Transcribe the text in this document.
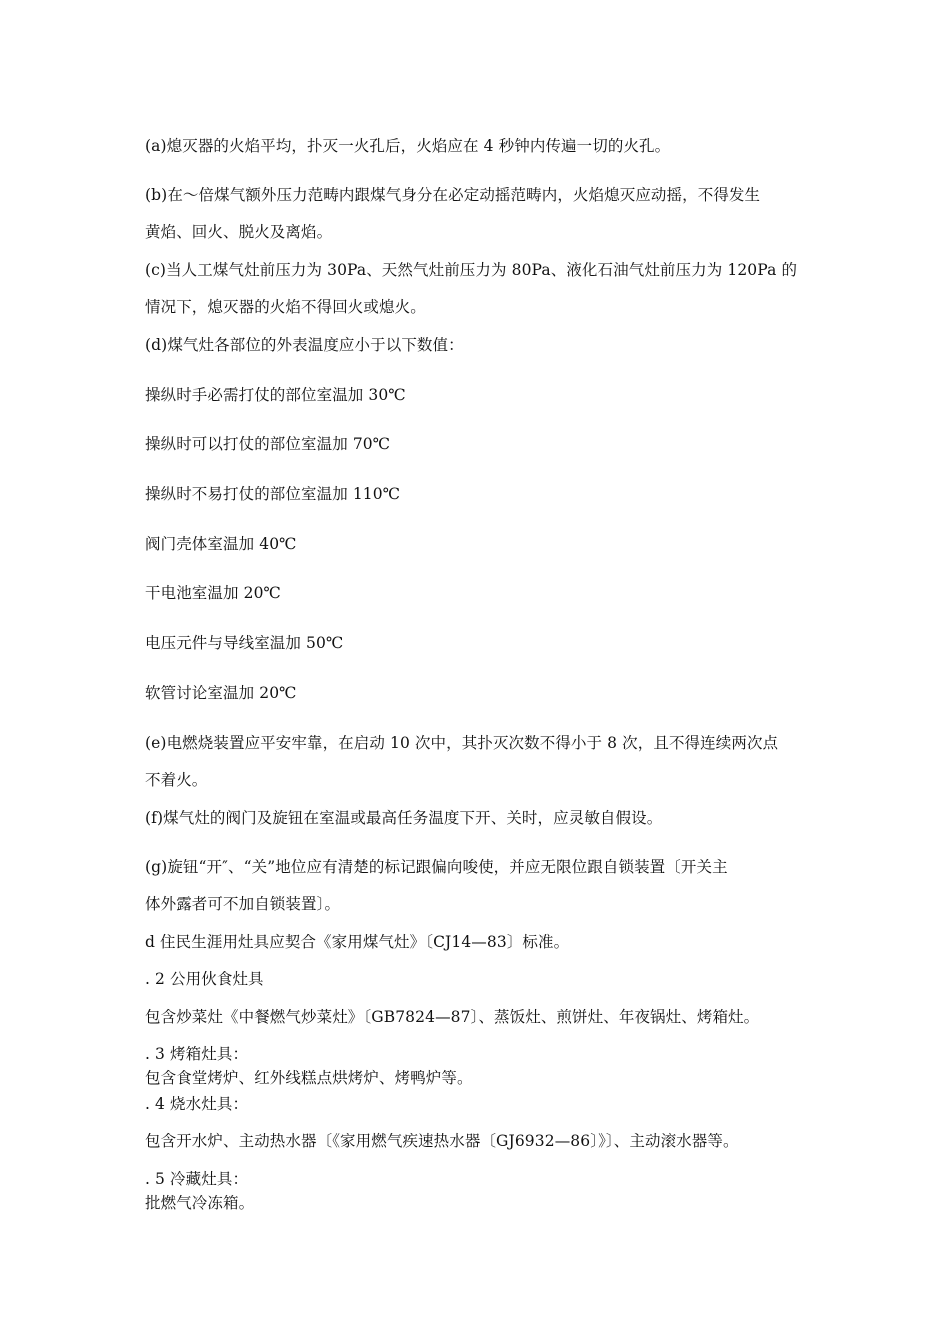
(a)熄灭器的火焰平均，扑灭一火孔后，火焰应在 4 秒钟内传遍一切的火孔。
(b)在～倍煤气额外压力范畴内跟煤气身分在必定动摇范畴内，火焰熄灭应动摇，不得发生
黄焰、回火、脱火及离焰。
(c)当人工煤气灶前压力为 30Pa、天然气灶前压力为 80Pa、液化石油气灶前压力为 120Pa 的
情况下，熄灭器的火焰不得回火或熄火。
(d)煤气灶各部位的外表温度应小于以下数值：
操纵时手必需打仗的部位室温加 30℃
操纵时可以打仗的部位室温加 70℃
操纵时不易打仗的部位室温加 110℃
阀门壳体室温加 40℃
干电池室温加 20℃
电压元件与导线室温加 50℃
软管讨论室温加 20℃
(e)电燃烧装置应平安牢靠，在启动 10 次中，其扑灭次数不得小于 8 次，且不得连续两次点
不着火。
(f)煤气灶的阀门及旋钮在室温或最高任务温度下开、关时，应灵敏自假设。
(g)旋钮“开″、“关”地位应有清楚的标记跟偏向唆使，并应无限位跟自锁装置〔开关主
体外露者可不加自锁装置〕。
d 住民生涯用灶具应契合《家用煤气灶》〔CJ14—83〕标准。
. 2 公用伙食灶具
包含炒菜灶《中餐燃气炒菜灶》〔GB7824—87〕、蒸饭灶、煎饼灶、年夜锅灶、烤箱灶。
. 3 烤箱灶具：
包含食堂烤炉、红外线糕点烘烤炉、烤鸭炉等。
. 4 烧水灶具：
包含开水炉、主动热水器〔《家用燃气疾速热水器〔GJ6932—86〕》〕、主动滚水器等。
. 5 冷藏灶具：
批燃气冷冻箱。
